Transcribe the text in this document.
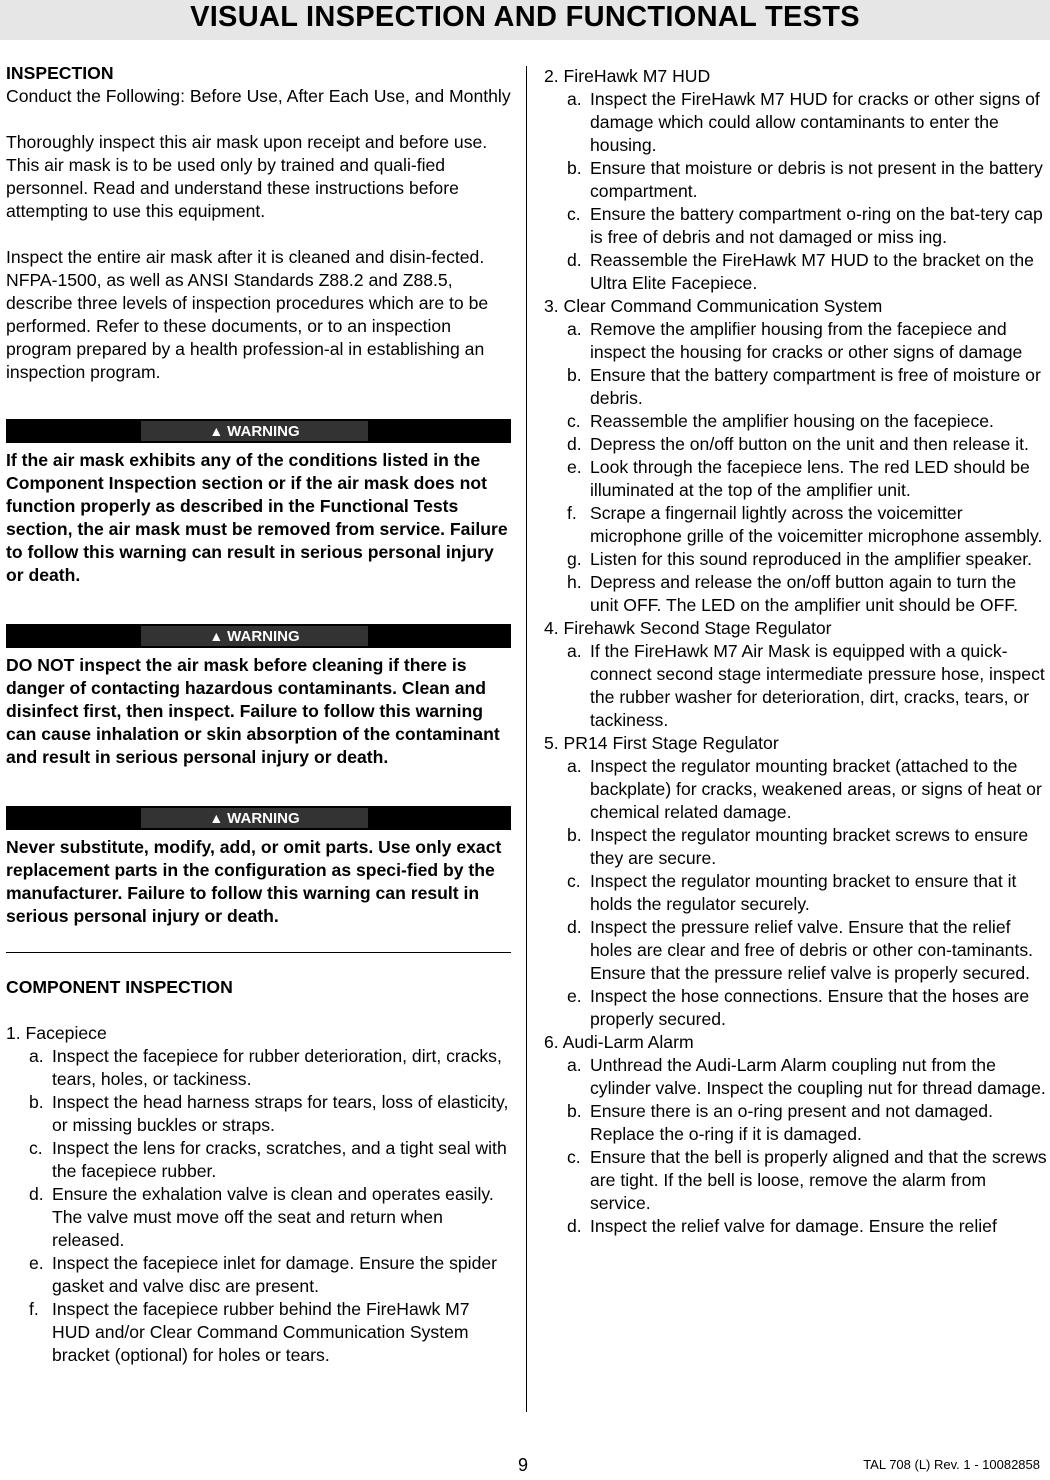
VISUAL INSPECTION AND FUNCTIONAL TESTS

INSPECTION

Conduct the Following: Before Use, After Each Use, and Monthly

Thoroughly inspect this air mask upon receipt and before use. This air mask is to be used only by trained and quali-fied personnel. Read and understand these instructions before attempting to use this equipment.

Inspect the entire air mask after it is cleaned and disin-fected. NFPA-1500, as well as ANSI Standards Z88.2 and Z88.5, describe three levels of inspection procedures which are to be performed. Refer to these documents, or to an inspection program prepared by a health profession-al in establishing an inspection program.

▲ WARNING

If the air mask exhibits any of the conditions listed in the Component Inspection section or if the air mask does not function properly as described in the Functional Tests section, the air mask must be removed from service. Failure to follow this warning can result in serious personal injury or death.

▲ WARNING

DO NOT inspect the air mask before cleaning if there is danger of contacting hazardous contaminants. Clean and disinfect first, then inspect. Failure to follow this warning can cause inhalation or skin absorption of the contaminant and result in serious personal injury or death.

▲ WARNING

Never substitute, modify, add, or omit parts. Use only exact replacement parts in the configuration as speci-fied by the manufacturer. Failure to follow this warning can result in serious personal injury or death.

COMPONENT INSPECTION

1. Facepiece

a. Inspect the facepiece for rubber deterioration, dirt, cracks, tears, holes, or tackiness.
b. Inspect the head harness straps for tears, loss of elasticity, or missing buckles or straps.
c. Inspect the lens for cracks, scratches, and a tight seal with the facepiece rubber.
d. Ensure the exhalation valve is clean and operates easily. The valve must move off the seat and return when released.
e. Inspect the facepiece inlet for damage. Ensure the spider gasket and valve disc are present.
f. Inspect the facepiece rubber behind the FireHawk M7 HUD and/or Clear Command Communication System bracket (optional) for holes or tears.

2. FireHawk M7 HUD

a. Inspect the FireHawk M7 HUD for cracks or other signs of damage which could allow contaminants to enter the housing.
b. Ensure that moisture or debris is not present in the battery compartment.
c. Ensure the battery compartment o-ring on the bat-tery cap is free of debris and not damaged or miss ing.
d. Reassemble the FireHawk M7 HUD to the bracket on the Ultra Elite Facepiece.

3. Clear Command Communication System

a. Remove the amplifier housing from the facepiece and inspect the housing for cracks or other signs of damage
b. Ensure that the battery compartment is free of moisture or debris.
c. Reassemble the amplifier housing on the facepiece.
d. Depress the on/off button on the unit and then release it.
e. Look through the facepiece lens. The red LED should be illuminated at the top of the amplifier unit.
f. Scrape a fingernail lightly across the voicemitter microphone grille of the voicemitter microphone assembly.
g. Listen for this sound reproduced in the amplifier speaker.
h. Depress and release the on/off button again to turn the unit OFF. The LED on the amplifier unit should be OFF.

4. Firehawk Second Stage Regulator

a. If the FireHawk M7 Air Mask is equipped with a quick-connect second stage intermediate pressure hose, inspect the rubber washer for deterioration, dirt, cracks, tears, or tackiness.

5. PR14 First Stage Regulator

a. Inspect the regulator mounting bracket (attached to the backplate) for cracks, weakened areas, or signs of heat or chemical related damage.
b. Inspect the regulator mounting bracket screws to ensure they are secure.
c. Inspect the regulator mounting bracket to ensure that it holds the regulator securely.
d. Inspect the pressure relief valve. Ensure that the relief holes are clear and free of debris or other con-taminants. Ensure that the pressure relief valve is properly secured.
e. Inspect the hose connections. Ensure that the hoses are properly secured.

6. Audi-Larm Alarm

a. Unthread the Audi-Larm Alarm coupling nut from the cylinder valve. Inspect the coupling nut for thread damage.
b. Ensure there is an o-ring present and not damaged. Replace the o-ring if it is damaged.
c. Ensure that the bell is properly aligned and that the screws are tight. If the bell is loose, remove the alarm from service.
d. Inspect the relief valve for damage. Ensure the relief
9	TAL 708 (L) Rev. 1 - 10082858
